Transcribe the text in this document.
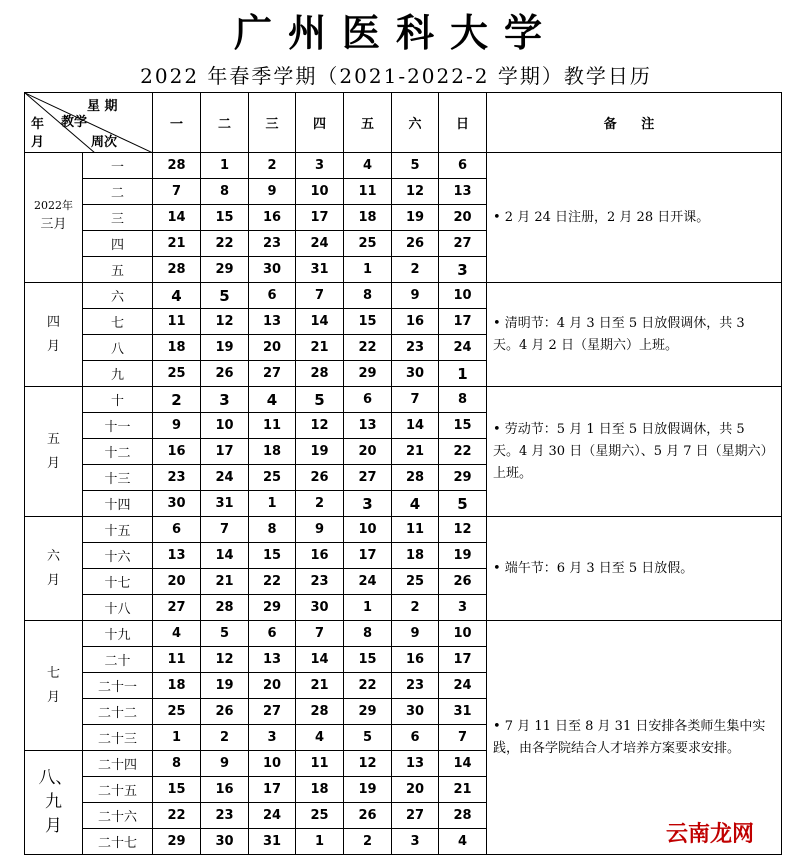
广州医科大学
2022 年春季学期（2021-2022-2 学期）教学日历
星 期
教学
年
月 周次		一	二	三	四	五	六	日	备 注

2022年
三月	一	28	1	2	3	4	5	6	• 2 月 24 日注册，2 月 28 日开课。
	二	7	8	9	10	11	12	13	
	三	14	15	16	17	18	19	20	
	四	21	22	23	24	25	26	27	
	五	28	29	30	31	1	2	3	
四月	六	4	5	6	7	8	9	10	• 清明节：4 月 3 日至 5 日放假调休，共 3 天。4 月 2 日（星期六）上班。
	七	11	12	13	14	15	16	17	
	八	18	19	20	21	22	23	24	
	九	25	26	27	28	29	30	1	
五月	十	2	3	4	5	6	7	8	• 劳动节：5 月 1 日至 5 日放假调休，共 5 天。4 月 30 日（星期六）、5 月 7 日（星期六）上班。
	十一	9	10	11	12	13	14	15	
	十二	16	17	18	19	20	21	22	
	十三	23	24	25	26	27	28	29	
	十四	30	31	1	2	3	4	5	
六月	十五	6	7	8	9	10	11	12	• 端午节：6 月 3 日至 5 日放假。
	十六	13	14	15	16	17	18	19	
	十七	20	21	22	23	24	25	26	
	十八	27	28	29	30	1	2	3	
七月	十九	4	5	6	7	8	9	10	• 7 月 11 日至 8 月 31 日安排各类师生集中实践，由各学院结合人才培养方案要求安排。
	二十	11	12	13	14	15	16	17	
	二十一	18	19	20	21	22	23	24	
	二十二	25	26	27	28	29	30	31	
	二十三	1	2	3	4	5	6	7	
八、九月	二十四	8	9	10	11	12	13	14	
	二十五	15	16	17	18	19	20	21	
	二十六	22	23	24	25	26	27	28	
	二十七	29	30	31	1	2	3	4		云南龙网
